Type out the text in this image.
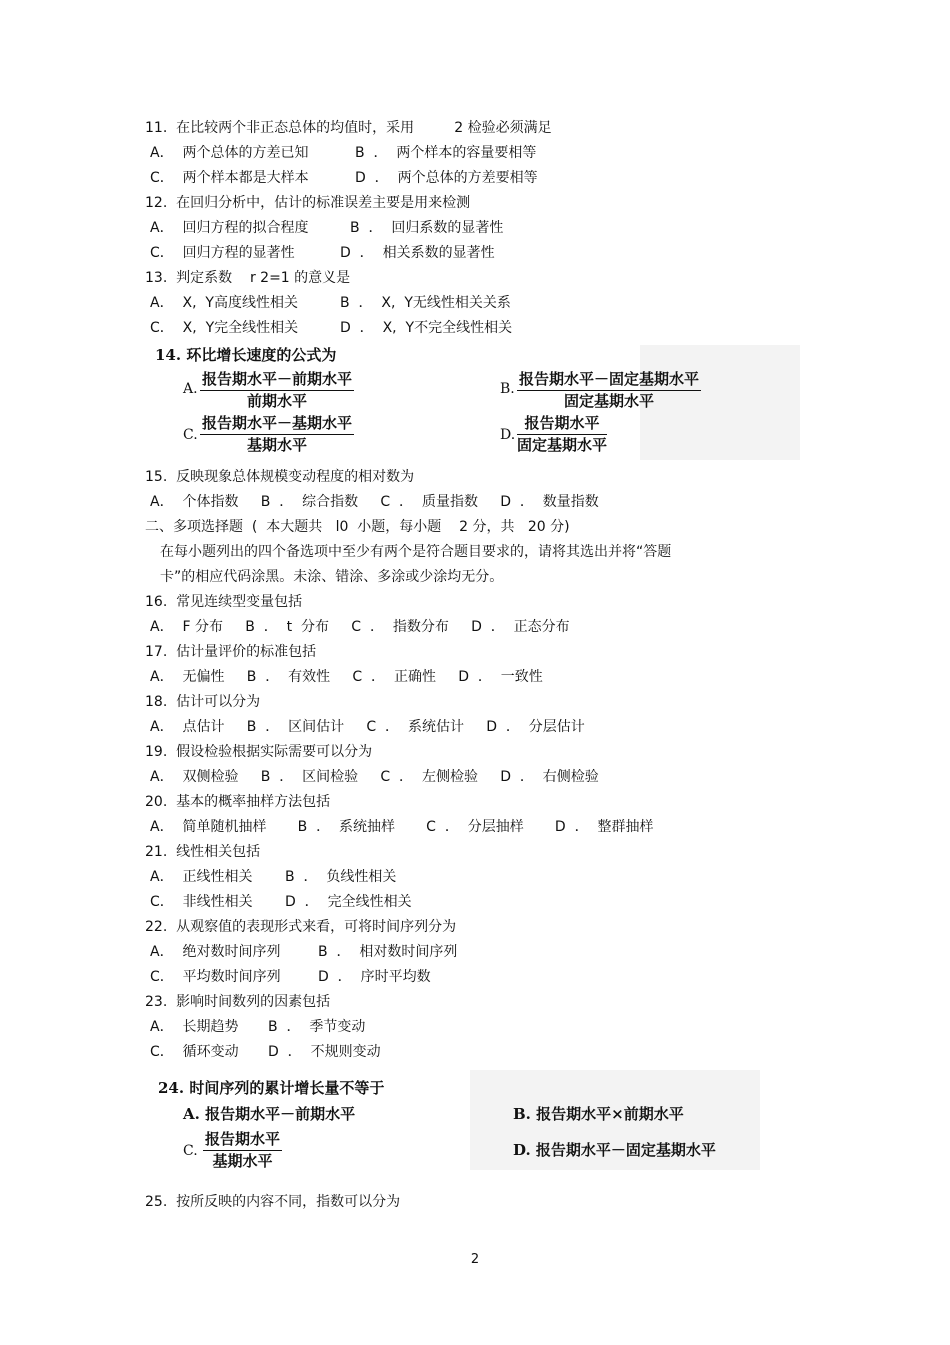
11.  在比较两个非正态总体的均值时，采用         2 检验必须满足
A．  两个总体的方差已知	B  ．  两个样本的容量要相等
C．  两个样本都是大样本	D  ．  两个总体的方差要相等
12.  在回归分析中，估计的标准误差主要是用来检测
A．  回归方程的拟合程度	B  ．  回归系数的显著性
C．  回归方程的显著性	D  ．  相关系数的显著性
13.  判定系数    r 2=1 的意义是
A．  X,  Y高度线性相关	B  ．  X,  Y无线性相关关系
C．  X,  Y完全线性相关	D  ．  X,  Y不完全线性相关
14. 环比增长速度的公式为
A.
报告期水平－前期水平
前期水平
B.
报告期水平－固定基期水平
固定基期水平
C.
报告期水平－基期水平
基期水平
D.
报告期水平
固定基期水平
15.  反映现象总体规模变动程度的相对数为
A．  个体指数     B  ．  综合指数     C  ．  质量指数     D  ．  数量指数
二、多项选择题  (  本大题共   l0  小题，每小题    2 分，共   20 分)
在每小题列出的四个备选项中至少有两个是符合题目要求的，请将其选出并将“答题
卡”的相应代码涂黑。未涂、错涂、多涂或少涂均无分。
16.  常见连续型变量包括
A．  F 分布     B  ．  t  分布     C  ．  指数分布     D  ．  正态分布
17.  估计量评价的标准包括
A．  无偏性     B  ．  有效性     C  ．  正确性     D  ．  一致性
18.  估计可以分为
A．  点估计     B  ．  区间估计     C  ．  系统估计     D  ．  分层估计
19.  假设检验根据实际需要可以分为
A．  双侧检验     B  ．  区间检验     C  ．  左侧检验     D  ．  右侧检验
20.  基本的概率抽样方法包括
A．  简单随机抽样       B  ．  系统抽样       C  ．  分层抽样       D  ．  整群抽样
21.  线性相关包括
A．  正线性相关 B  ．  负线性相关
C．  非线性相关 D  ．  完全线性相关
22.  从观察值的表现形式来看，可将时间序列分为
A．  绝对数时间序列	B  ．  相对数时间序列
C．  平均数时间序列	D  ．  序时平均数
23.  影响时间数列的因素包括
A．  长期趋势 B  ．  季节变动
C．  循环变动 D  ．  不规则变动
24. 时间序列的累计增长量不等于
A. 报告期水平－前期水平	B. 报告期水平×前期水平
C.
报告期水平
基期水平
D. 报告期水平－固定基期水平
25.  按所反映的内容不同，指数可以分为
2
